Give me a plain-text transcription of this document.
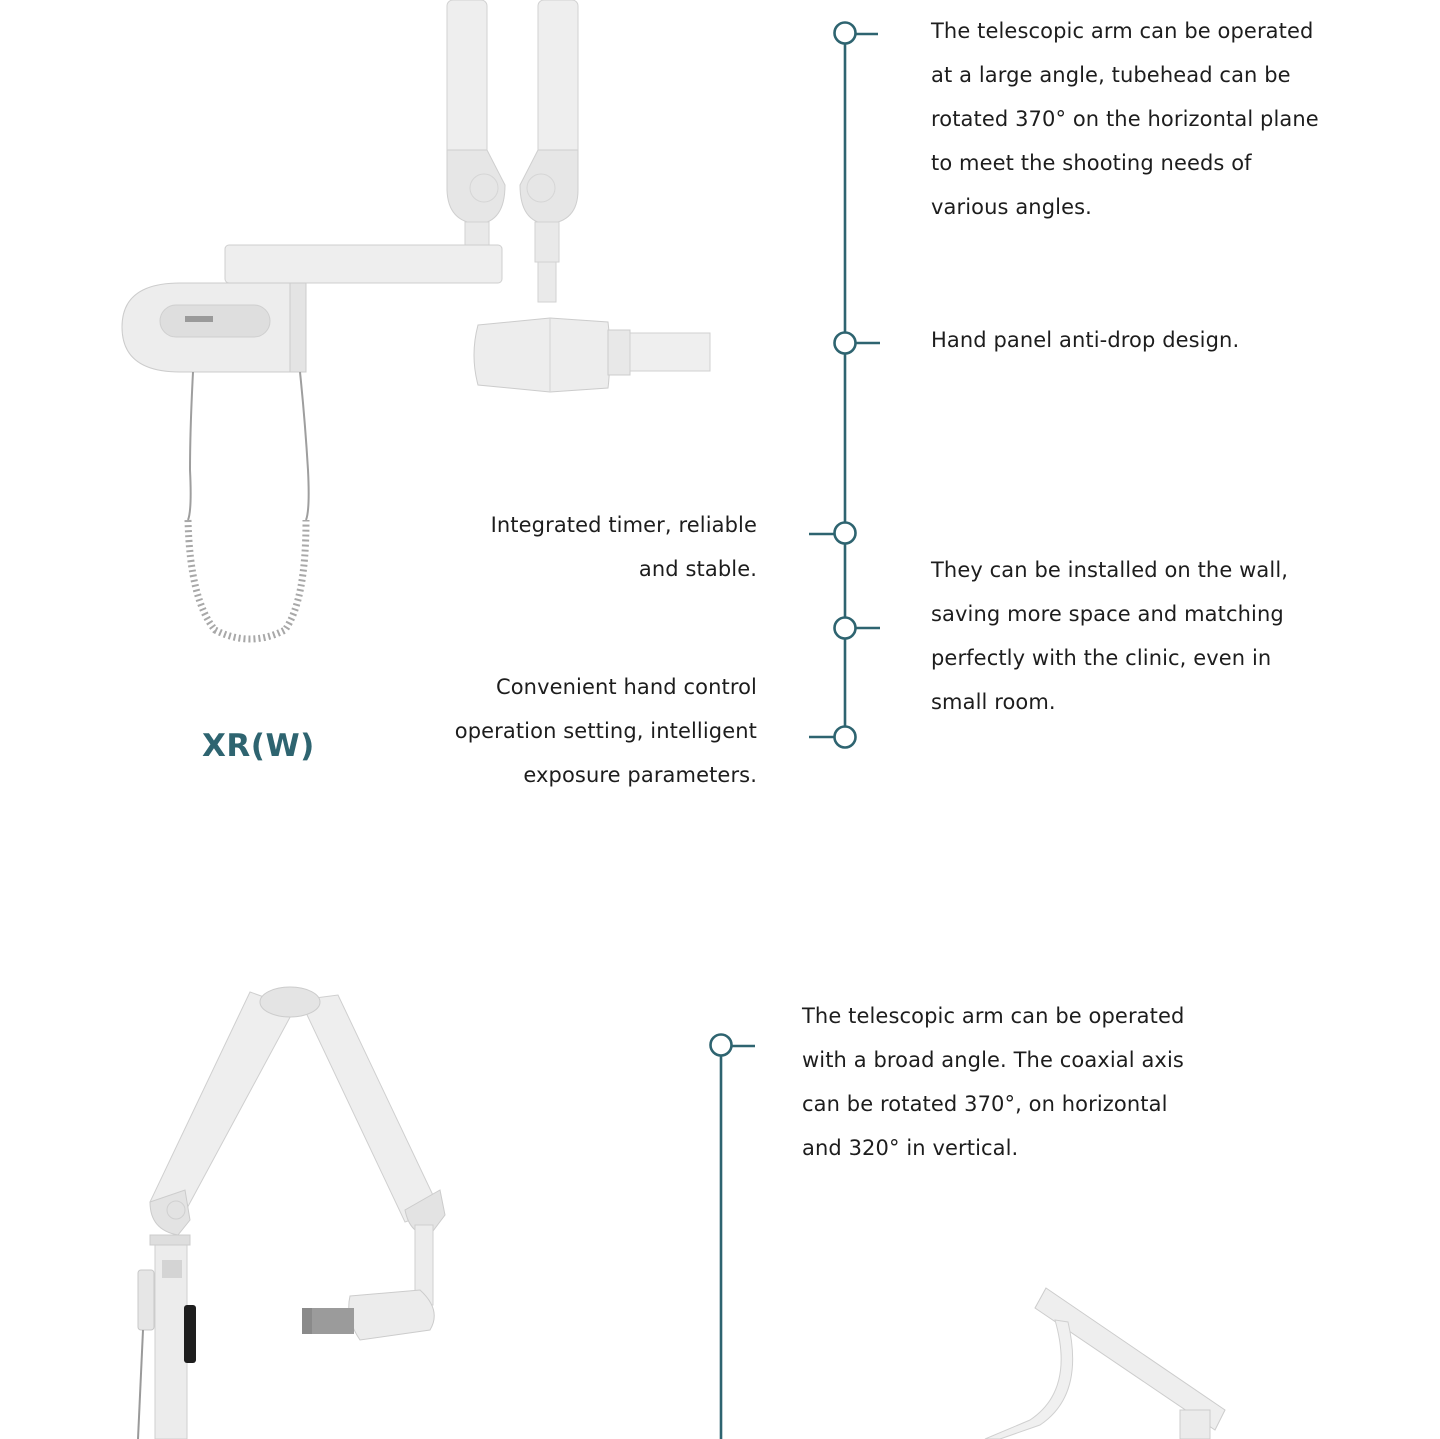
The telescopic arm can be operated at a large angle, tubehead can be rotated 370° on the horizontal plane to meet the shooting needs of various angles.
Hand panel anti-drop design.
Integrated timer, reliable and stable.	They can be installed on the wall, saving more space and matching perfectly with the clinic, even in small room.
Convenient hand control operation setting, intelligent exposure parameters.
XR(W)
The telescopic arm can be operated with a broad angle. The coaxial axis can be rotated 370°, on horizontal and 320° in vertical.
